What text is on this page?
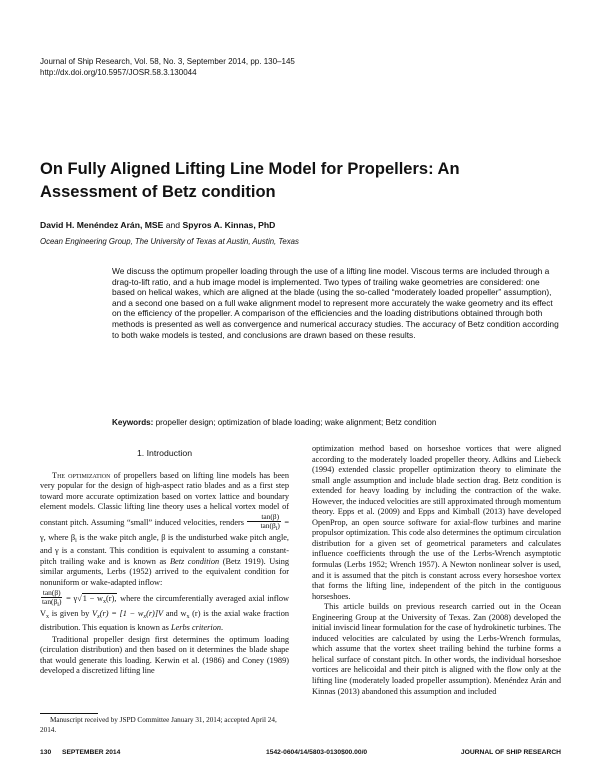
Journal of Ship Research, Vol. 58, No. 3, September 2014, pp. 130–145
http://dx.doi.org/10.5957/JOSR.58.3.130044
On Fully Aligned Lifting Line Model for Propellers: An Assessment of Betz condition
David H. Menéndez Arán, MSE and Spyros A. Kinnas, PhD
Ocean Engineering Group, The University of Texas at Austin, Austin, Texas

We discuss the optimum propeller loading through the use of a lifting line model. Viscous terms are included through a drag-to-lift ratio, and a hub image model is implemented. Two types of trailing wake geometries are considered: one based on helical wakes, which are aligned at the blade (using the so-called “moderately loaded propeller” assumption), and a second one based on a full wake alignment model to represent more accurately the wake geometry and its effect on the efficiency of the propeller. A comparison of the efficiencies and the loading distributions obtained through both methods is presented as well as convergence and numerical accuracy studies. The accuracy of Betz condition according to both wake models is tested, and conclusions are drawn based on these results.

Keywords: propeller design; optimization of blade loading; wake alignment; Betz condition

1. Introduction

The optimization of propellers based on lifting line models has been very popular for the design of high-aspect ratio blades and as a first step toward more accurate optimization based on vortex lattice and boundary element models. Classic lifting line theory uses a helical vortex model of constant pitch. Assuming “small” induced velocities, renders $\frac{\tan(\beta)}{\tan(\beta_i)} = \gamma$, where $\beta_i$ is the wake pitch angle, β is the undisturbed wake pitch angle, and γ is a constant. This condition is equivalent to assuming a constant-pitch trailing wake and is known as Betz condition (Betz 1919). Using similar arguments, Lerbs (1952) arrived to the equivalent condition for nonuniform or wake-adapted inflow:

$\frac{\tan(\beta)}{\tan(\beta_i)} = \gamma√1 - w_x(r)$, where the circumferentially averaged axial inflow $V_x$ is given by $V_x(r) = [1 - w_x(r)]V$ and $w_x$ (r) is the axial wake fraction distribution. This equation is known as Lerbs criterion.

Traditional propeller design first determines the optimum loading (circulation distribution) and then based on it determines the blade shape that would generate this loading. Kerwin et al. (1986) and Coney (1989) developed a discretized lifting line

optimization method based on horseshoe vortices that were aligned according to the moderately loaded propeller theory. Adkins and Liebeck (1994) extended classic propeller optimization theory to eliminate the small angle assumption and include blade section drag. Betz condition is extended for heavy loading by including the contraction of the wake. However, the induced velocities are still approximated through momentum theory. Epps et al. (2009) and Epps and Kimball (2013) have developed OpenProp, an open source software for axial-flow turbines and marine propulsor optimization. This code also determines the optimum circulation distribution for a given set of geometrical parameters and calculates influence coefficients through the use of the Lerbs-Wrench asymptotic formulas (Lerbs 1952; Wrench 1957). A Newton nonlinear solver is used, and it is assumed that the pitch is constant across every horseshoe vortex that forms the lifting line, independent of the pitch in the contiguous horseshoes.

This article builds on previous research carried out in the Ocean Engineering Group at the University of Texas. Zan (2008) developed the initial inviscid linear formulation for the case of hydrokinetic turbines. The induced velocities are calculated by using the Lerbs-Wrench formulas, which assume that the vortex sheet trailing behind the turbine forms a helical surface of constant pitch. In other words, the individual horseshoe vortices are helicoidal and their pitch is aligned with the flow only at the lifting line (moderately loaded propeller assumption). Menéndez Arán and Kinnas (2013) abandoned this assumption and included

Manuscript received by JSPD Committee January 31, 2014; accepted April 24, 2014.
130 SEPTEMBER 2014	1542-0604/14/5803-0130$00.00/0	JOURNAL OF SHIP RESEARCH
